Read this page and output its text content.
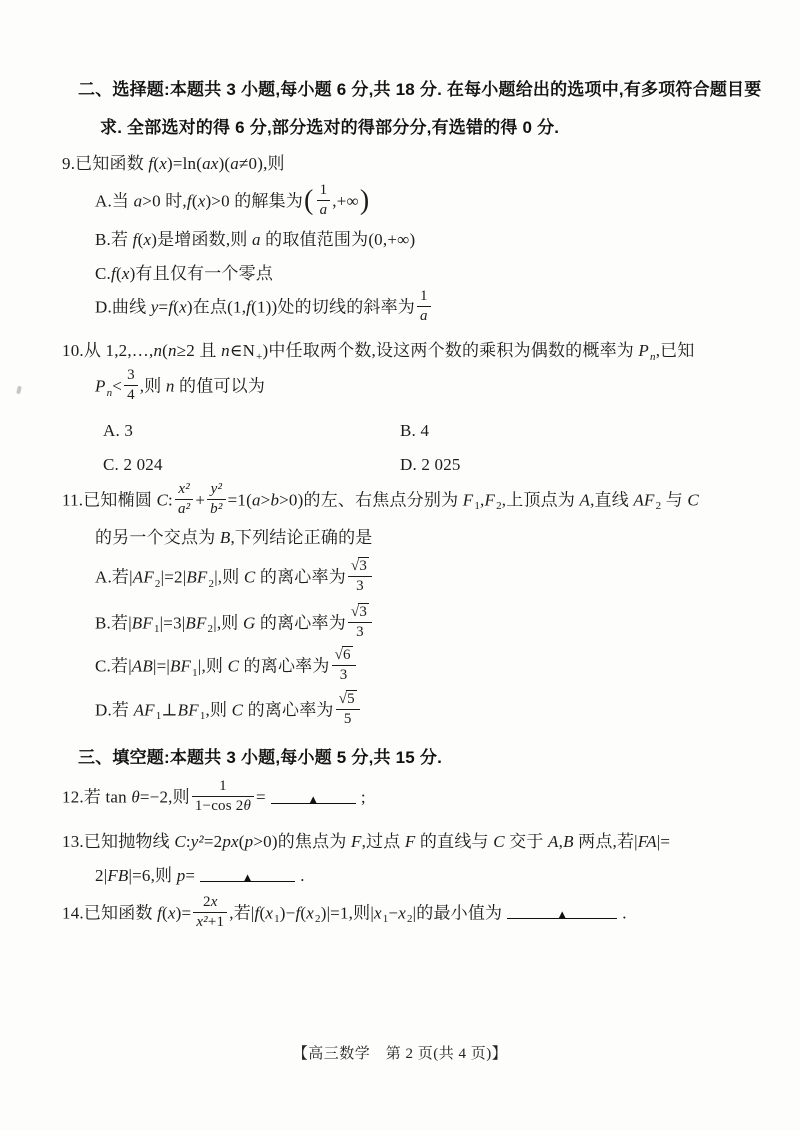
二、选择题:本题共 3 小题,每小题 6 分,共 18 分. 在每小题给出的选项中,有多项符合题目要
求. 全部选对的得 6 分,部分选对的得部分分,有选错的得 0 分.
9.已知函数 f(x)=ln(ax)(a≠0),则
A.当 a>0 时,f(x)>0 的解集为( $\frac{1}{a}$ ,+∞)
B.若 f(x)是增函数,则 a 的取值范围为(0,+∞)
C.f(x)有且仅有一个零点
D.曲线 y=f(x)在点(1,f(1))处的切线的斜率为 $\frac{1}{a}$
10.从 1,2,…,n(n≥2 且 $n\in N_+$)中任取两个数,设这两个数的乘积为偶数的概率为 $P_n$,已知
$P_n< \frac{3}{4}$ ,则 n 的值可以为
A. 3	B. 4
C. 2 024	D. 2 025
11.已知椭圆 C: $\frac{\text{x²}}{\text{a²}} + \frac{\text{y²}}{\text{b²}} =1(a>b>0)$的左、右焦点分别为 $F_1,F_2$,上顶点为 A,直线 $AF_2$ 与 C
的另一个交点为 B,下列结论正确的是
A.若$|AF_2|=2|BF_2|$,则 C 的离心率为 $\frac{√3}{3}$
B.若$|BF_1|=3|BF_2|$,则 G 的离心率为 $\frac{√3}{3}$
C.若$|AB|=|BF_1|$,则 C 的离心率为 $\frac{√6}{3}$
D.若 $AF_1\perp BF_1$,则 C 的离心率为 $\frac{√5}{5}$
三、填空题:本题共 3 小题,每小题 5 分,共 15 分.
12.若 tan θ=−2,则 $\frac{1}{1-\cos 2\theta}$ =	▲ ;
13.已知抛物线 C:y²=2px(p>0)的焦点为 F,过点 F 的直线与 C 交于 A,B 两点,若|FA|=
2|FB|=6,则 p=	▲	.
14.已知函数 $f(x)= \frac{2x}{\text{x²+1}}$ ,若$|f(x_1)-f(x_2)|=1$,则$|x_1-x_2|$的最小值为	▲	.
【高三数学　第 2 页(共 4 页)】
